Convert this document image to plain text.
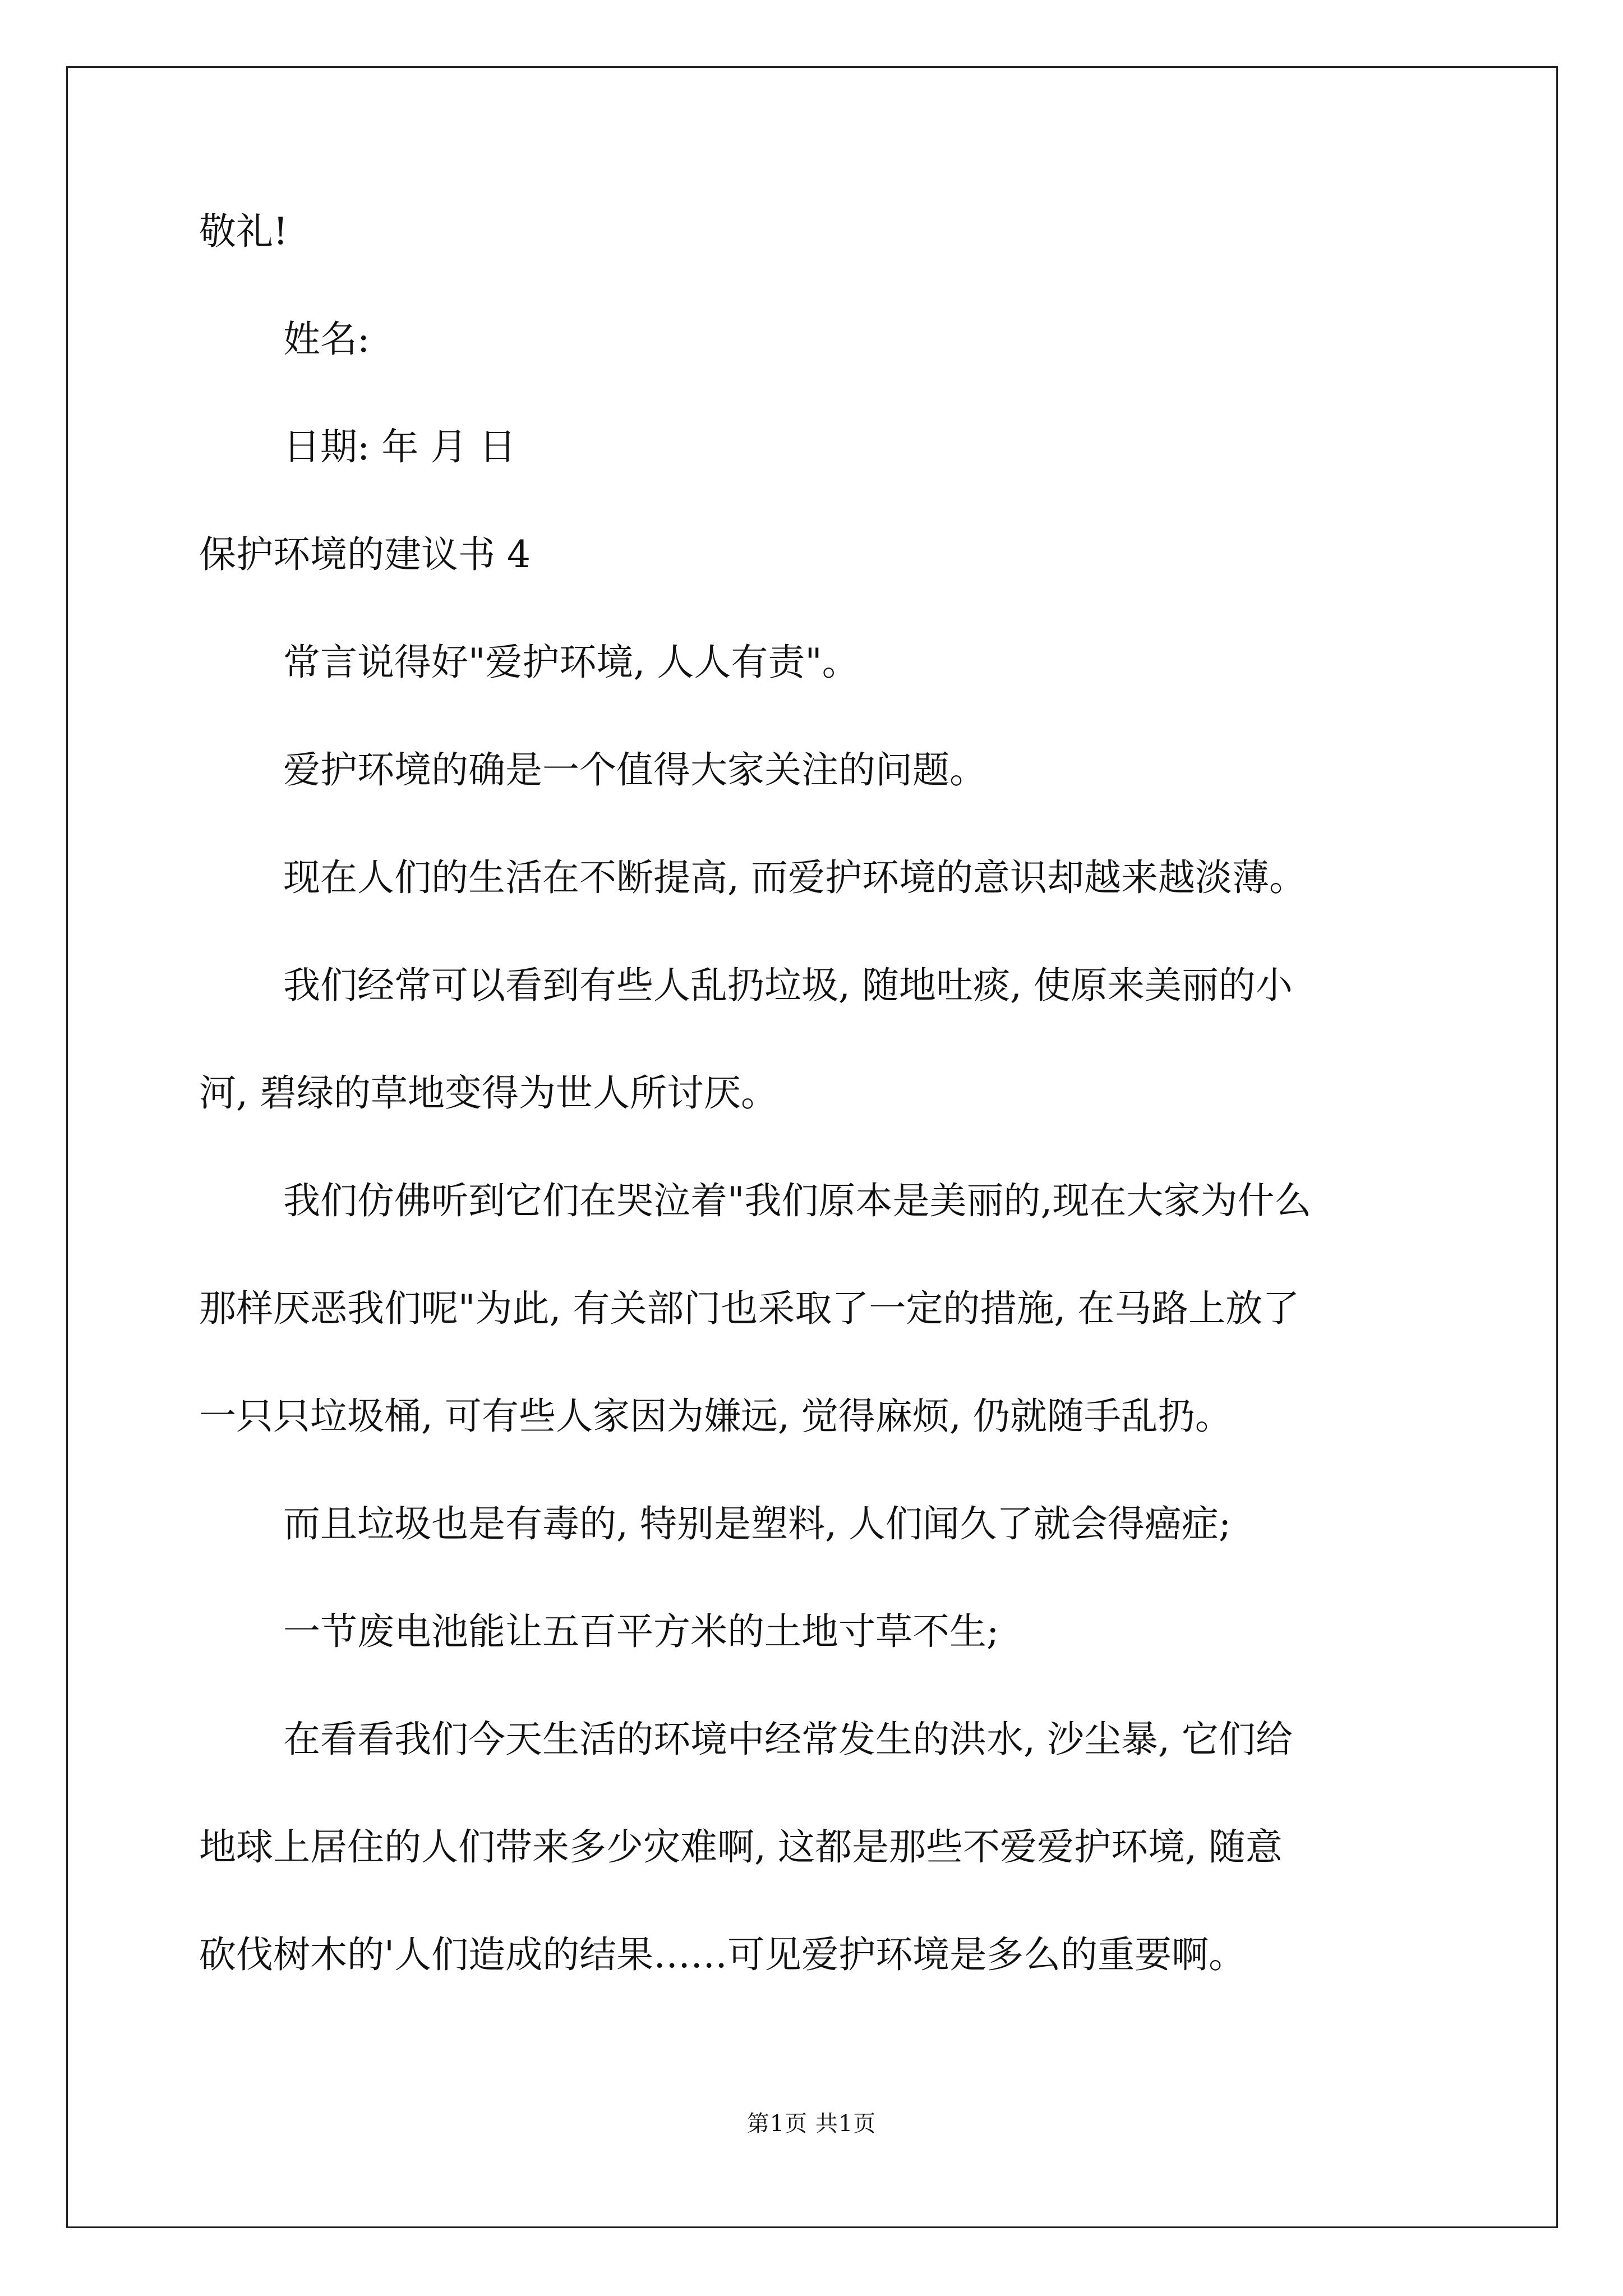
敬礼!

姓名:

日期: 年 月 日

保护环境的建议书 4

常言说得好"爱护环境, 人人有责"。

爱护环境的确是一个值得大家关注的问题。

现在人们的生活在不断提高, 而爱护环境的意识却越来越淡薄。

我们经常可以看到有些人乱扔垃圾, 随地吐痰, 使原来美丽的小

河, 碧绿的草地变得为世人所讨厌。

我们仿佛听到它们在哭泣着"我们原本是美丽的,现在大家为什么

那样厌恶我们呢"为此, 有关部门也采取了一定的措施, 在马路上放了

一只只垃圾桶, 可有些人家因为嫌远, 觉得麻烦, 仍就随手乱扔。

而且垃圾也是有毒的, 特别是塑料, 人们闻久了就会得癌症;

一节废电池能让五百平方米的土地寸草不生;

在看看我们今天生活的环境中经常发生的洪水, 沙尘暴, 它们给

地球上居住的人们带来多少灾难啊, 这都是那些不爱爱护环境, 随意

砍伐树木的'人们造成的结果……可见爱护环境是多么的重要啊。

第1页 共1页
